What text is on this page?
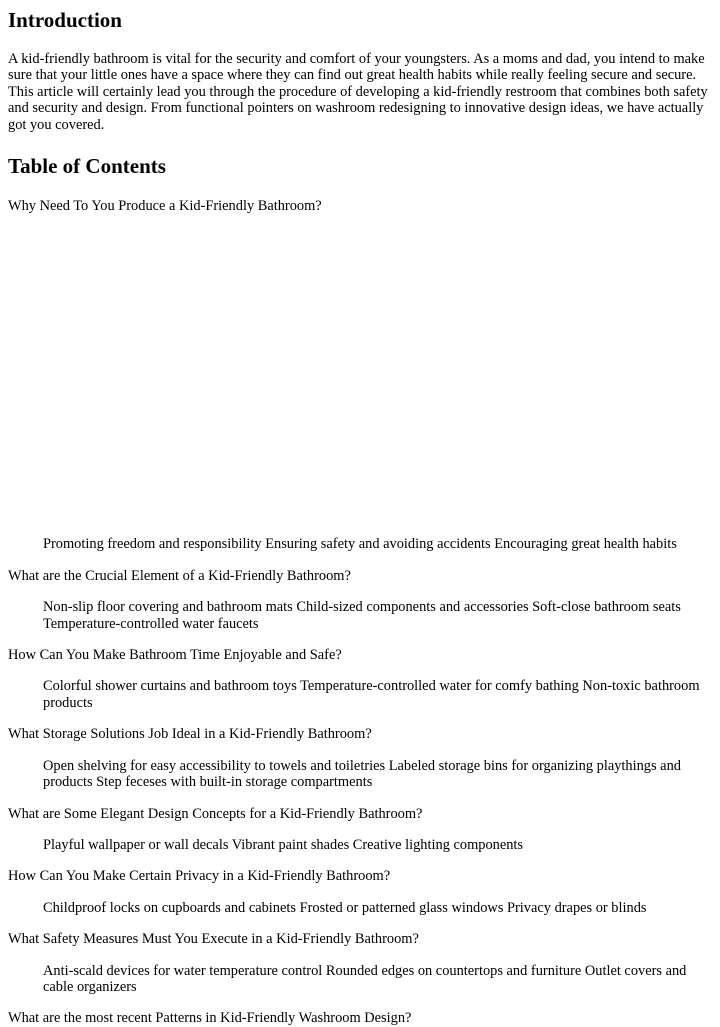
Introduction

A kid-friendly bathroom is vital for the security and comfort of your youngsters. As a moms and dad, you intend to make sure that your little ones have a space where they can find out great health habits while really feeling secure and secure. This article will certainly lead you through the procedure of developing a kid-friendly restroom that combines both safety and security and design. From functional pointers on washroom redesigning to innovative design ideas, we have actually got you covered.

Table of Contents
Why Need To You Produce a Kid-Friendly Bathroom?
Promoting freedom and responsibility Ensuring safety and avoiding accidents Encouraging great health habits
What are the Crucial Element of a Kid-Friendly Bathroom?
Non-slip floor covering and bathroom mats Child-sized components and accessories Soft-close bathroom seats Temperature-controlled water faucets
How Can You Make Bathroom Time Enjoyable and Safe?
Colorful shower curtains and bathroom toys Temperature-controlled water for comfy bathing Non-toxic bathroom products
What Storage Solutions Job Ideal in a Kid-Friendly Bathroom?
Open shelving for easy accessibility to towels and toiletries Labeled storage bins for organizing playthings and products Step feceses with built-in storage compartments
What are Some Elegant Design Concepts for a Kid-Friendly Bathroom?
Playful wallpaper or wall decals Vibrant paint shades Creative lighting components
How Can You Make Certain Privacy in a Kid-Friendly Bathroom?
Childproof locks on cupboards and cabinets Frosted or patterned glass windows Privacy drapes or blinds
What Safety Measures Must You Execute in a Kid-Friendly Bathroom?
Anti-scald devices for water temperature control Rounded edges on countertops and furniture Outlet covers and cable organizers
What are the most recent Patterns in Kid-Friendly Washroom Design?
